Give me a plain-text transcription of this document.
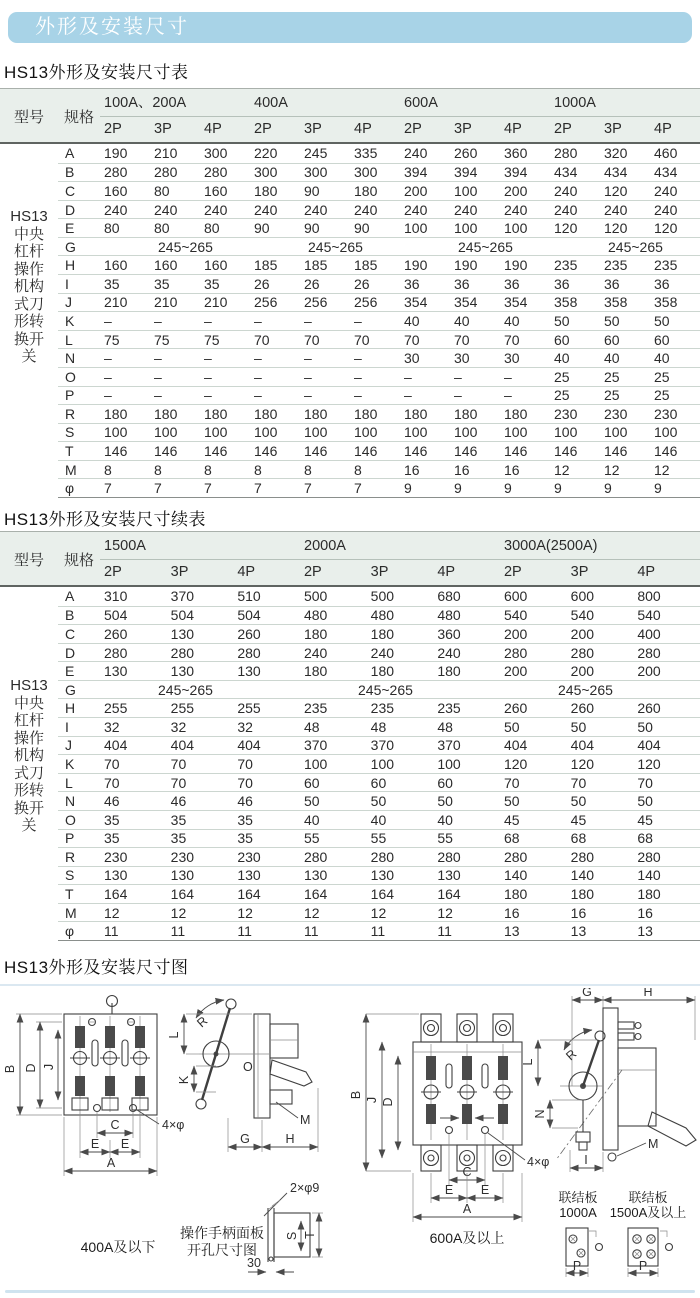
外形及安装尺寸
HS13外形及安装尺寸表
型号	规格
100A、200A	400A	600A	1000A
2P	3P	4P	2P	3P	4P	2P	3P	4P	2P	3P	4P
A	190	210	300	220	245	335	240	260	360	280	320	460
B	280	280	280	300	300	300	394	394	394	434	434	434
C	160	80	160	180	90	180	200	100	200	240	120	240
D	240	240	240	240	240	240	240	240	240	240	240	240
E	80	80	80	90	90	90	100	100	100	120	120	120
G	245~265	245~265	245~265	245~265
H	160	160	160	185	185	185	190	190	190	235	235	235
I	35	35	35	26	26	26	36	36	36	36	36	36
J	210	210	210	256	256	256	354	354	354	358	358	358
K	–	–	–	–	–	–	40	40	40	50	50	50
L	75	75	75	70	70	70	70	70	70	60	60	60
N	–	–	–	–	–	–	30	30	30	40	40	40
O	–	–	–	–	–	–	–	–	–	25	25	25
P	–	–	–	–	–	–	–	–	–	25	25	25
R	180	180	180	180	180	180	180	180	180	230	230	230
S	100	100	100	100	100	100	100	100	100	100	100	100
T	146	146	146	146	146	146	146	146	146	146	146	146
M	8	8	8	8	8	8	16	16	16	12	12	12
φ	7	7	7	7	7	7	9	9	9	9	9	9
HS13
中央
杠杆
操作
机构
式刀
形转
换开
关
HS13外形及安装尺寸续表
型号	规格
1500A	2000A	3000A(2500A)
2P	3P	4P	2P	3P	4P	2P	3P	4P
A	310	370	510	500	500	680	600	600	800
B	504	504	504	480	480	480	540	540	540
C	260	130	260	180	180	360	200	200	400
D	280	280	280	240	240	240	280	280	280
E	130	130	130	180	180	180	200	200	200
G	245~265	245~265	245~265
H	255	255	255	235	235	235	260	260	260
I	32	32	32	48	48	48	50	50	50
J	404	404	404	370	370	370	404	404	404
K	70	70	70	100	100	100	120	120	120
L	70	70	70	60	60	60	70	70	70
N	46	46	46	50	50	50	50	50	50
O	35	35	35	40	40	40	45	45	45
P	35	35	35	55	55	55	68	68	68
R	230	230	230	280	280	280	280	280	280
S	130	130	130	130	130	130	140	140	140
T	164	164	164	164	164	164	180	180	180
M	12	12	12	12	12	12	16	16	16
φ	11	11	11	11	11	11	13	13	13
HS13
中央
杠杆
操作
机构
式刀
形转
换开
关
HS13外形及安装尺寸图
B D J
C
E E
A
4×φ
400A及以下
R
L
K
O
M
G	H
B
J D
C
E E
A
4×φ
600A及以上
G	H
R
L
N
I
M
联结板
1000A
联结板
1500A及以上
P	P
操作手柄面板
开孔尺寸图
2×φ9
S T
30
